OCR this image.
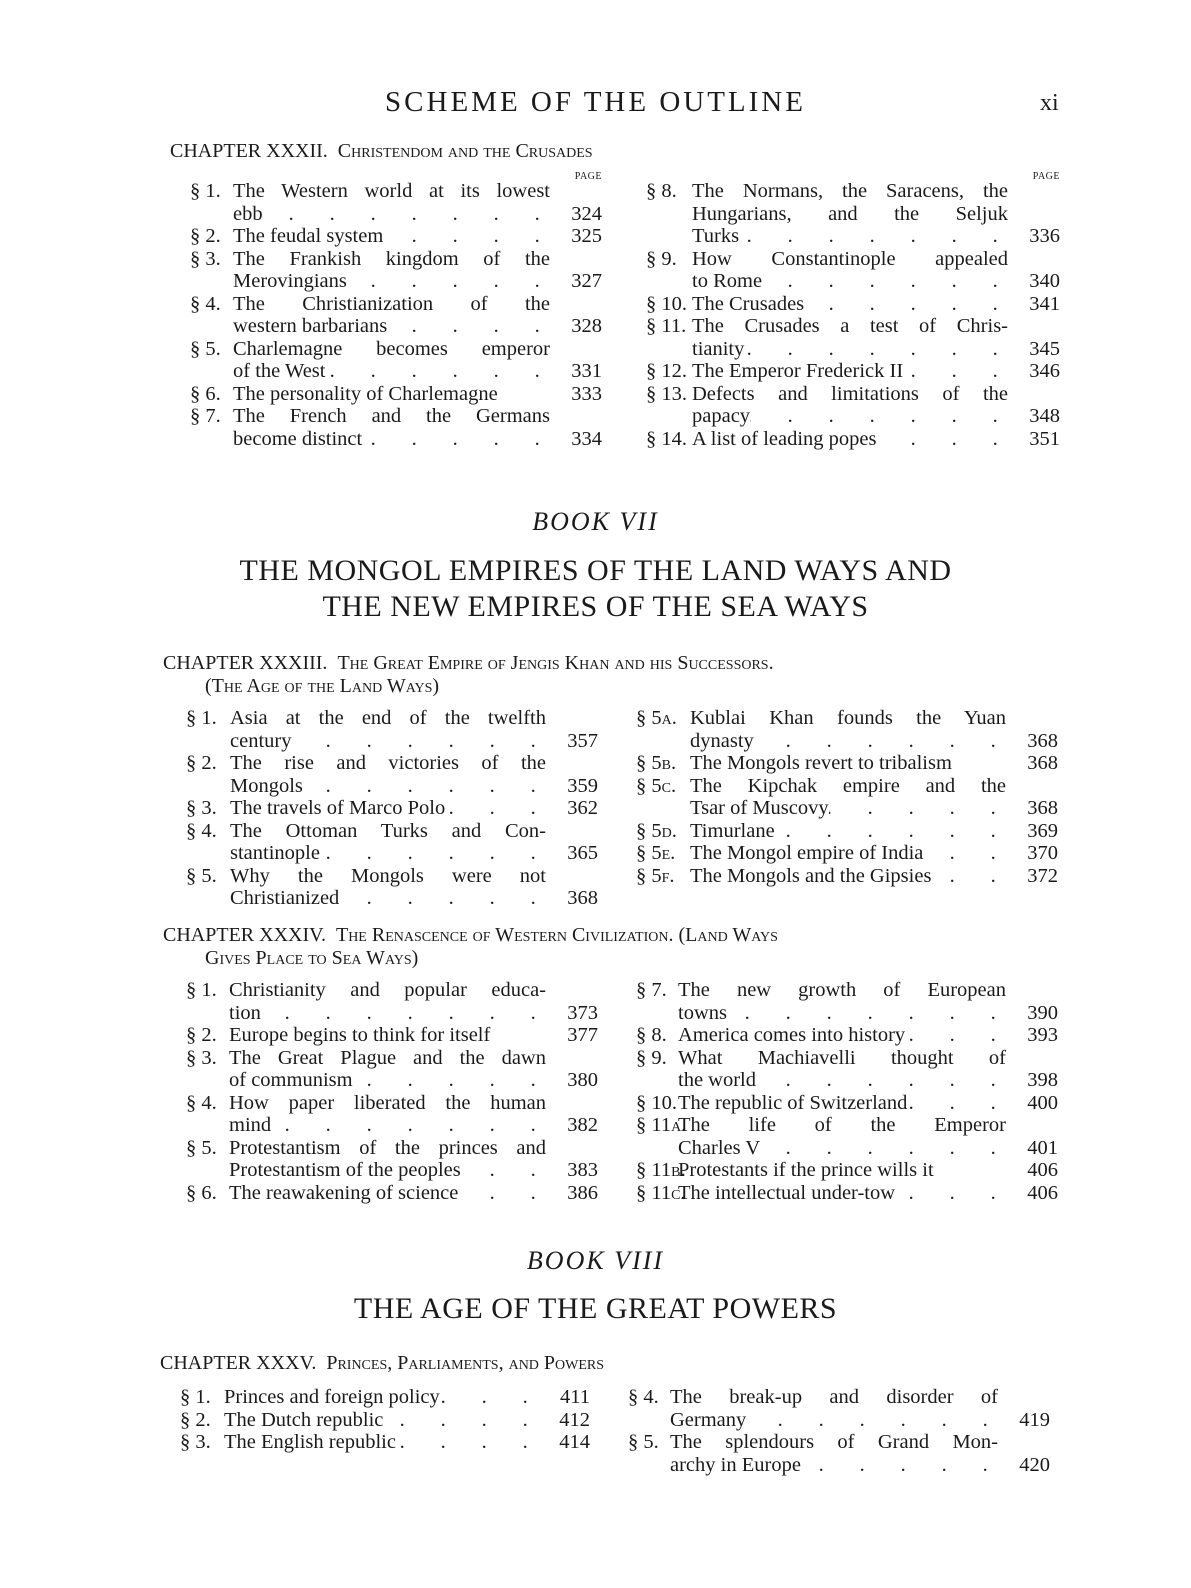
SCHEME OF THE OUTLINE	xi
CHAPTER XXXII. Christendom and the Crusades
PAGE
§ 1. The Western world at its lowest
ebb .	324
§ 2. The feudal system .	325
§ 3. The Frankish kingdom of the
Merovingians .	327
§ 4. The Christianization of the
western barbarians .	328
§ 5. Charlemagne becomes emperor
of the West .	331
§ 6. The personality of Charlemagne	333
§ 7. The French and the Germans
become distinct .	334
PAGE
§ 8. The Normans, the Saracens, the
Hungarians, and the Seljuk
Turks .	336
§ 9. How Constantinople appealed
to Rome .	340
§ 10. The Crusades .	341
§ 11. The Crusades a test of Chris-
tianity .	345
§ 12. The Emperor Frederick II .	346
§ 13. Defects and limitations of the
papacy .	348
§ 14. A list of leading popes .	351
BOOK VII
THE MONGOL EMPIRES OF THE LAND WAYS AND
THE NEW EMPIRES OF THE SEA WAYS
CHAPTER XXXIII. The Great Empire of Jengis Khan and his Successors.
(The Age of the Land Ways)
§ 1. Asia at the end of the twelfth
century .	357
§ 2. The rise and victories of the
Mongols .	359
§ 3. The travels of Marco Polo .	362
§ 4. The Ottoman Turks and Con-
stantinople .	365
§ 5. Why the Mongols were not
Christianized .	368
§ 5a. Kublai Khan founds the Yuan
dynasty .	368
§ 5b. The Mongols revert to tribalism	368
§ 5c. The Kipchak empire and the
Tsar of Muscovy .	368
§ 5d. Timurlane .	369
§ 5e. The Mongol empire of India .	370
§ 5f. The Mongols and the Gipsies .	372
CHAPTER XXXIV. The Renascence of Western Civilization. (Land Ways
Gives Place to Sea Ways)
§ 1. Christianity and popular educa-
tion .	373
§ 2. Europe begins to think for itself	377
§ 3. The Great Plague and the dawn
of communism .	380
§ 4. How paper liberated the human
mind .	382
§ 5. Protestantism of the princes and
Protestantism of the peoples .	383
§ 6. The reawakening of science .	386
§ 7. The new growth of European
towns .	390
§ 8. America comes into history .	393
§ 9. What Machiavelli thought of
the world .	398
§ 10. The republic of Switzerland .	400
§ 11a.
The life of the Emperor
Charles V .	401
§ 11b.
Protestants if the prince wills it	406
§ 11c.
The intellectual under-tow .	406
BOOK VIII
THE AGE OF THE GREAT POWERS
CHAPTER XXXV. Princes, Parliaments, and Powers
§ 1. Princes and foreign policy .	411
§ 2. The Dutch republic .	412
§ 3. The English republic .	414
§ 4. The break-up and disorder of
Germany .	419
§ 5. The splendours of Grand Mon-
archy in Europe .	420
